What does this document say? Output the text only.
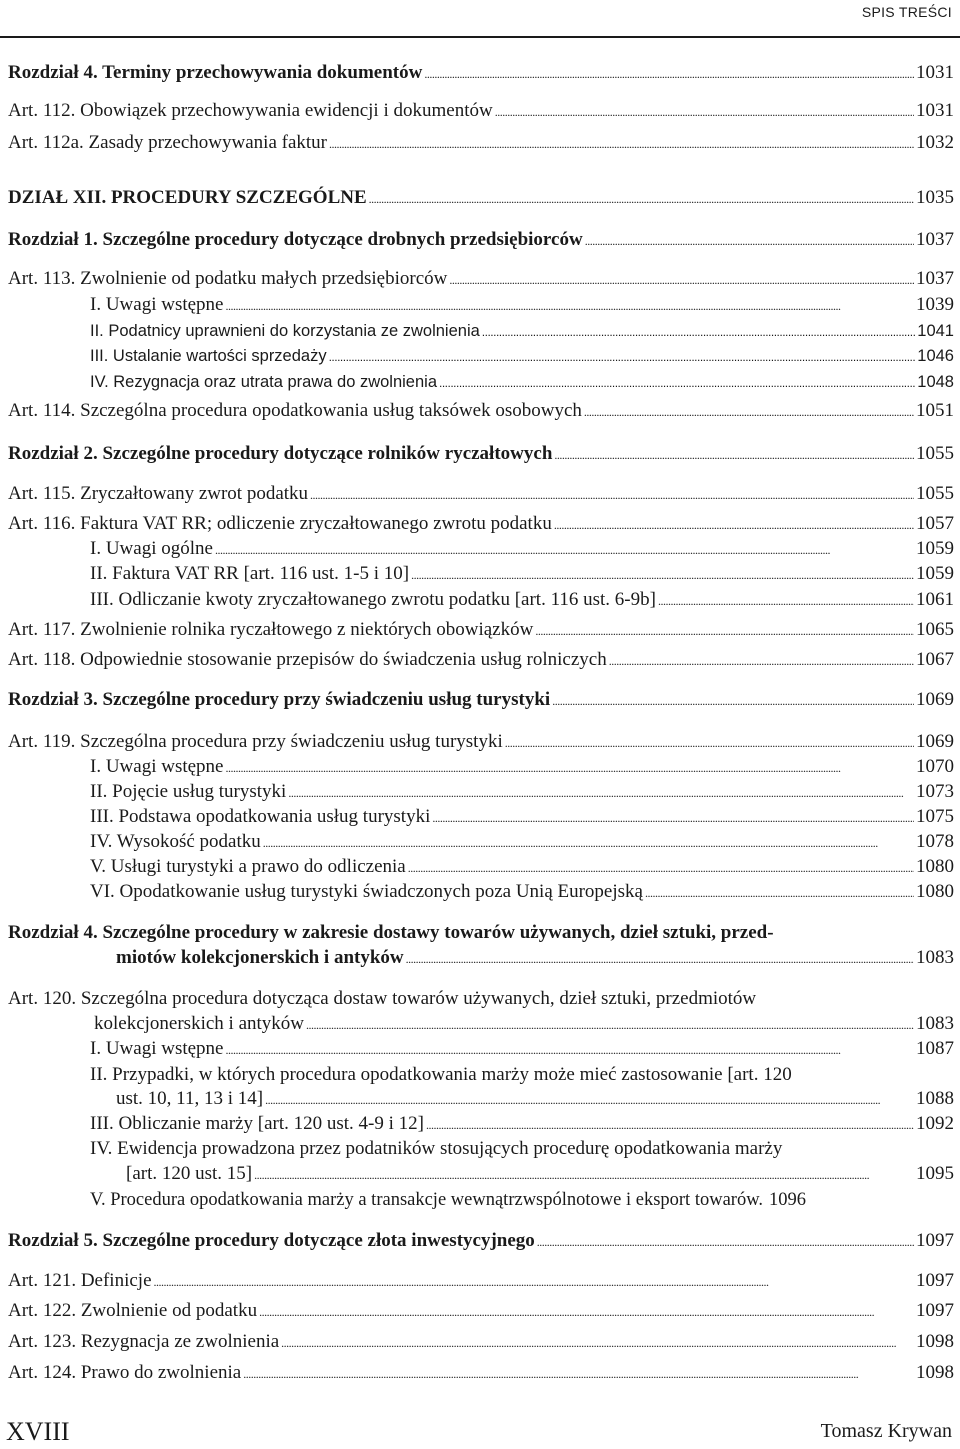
SPIS TREŚCI
Rozdział 4. Terminy przechowywania dokumentów .....	1031
Art. 112. Obowiązek przechowywania ewidencji i dokumentów .....	1031
Art. 112a. Zasady przechowywania faktur .....	1032
DZIAŁ XII. PROCEDURY SZCZEGÓLNE .....	1035
Rozdział 1. Szczególne procedury dotyczące drobnych przedsiębiorców .....	1037
Art. 113. Zwolnienie od podatku małych przedsiębiorców .....	1037
I. Uwagi wstępne .....	1039
II. Podatnicy uprawnieni do korzystania ze zwolnienia .....	1041
III. Ustalanie wartości sprzedaży .....	1046
IV. Rezygnacja oraz utrata prawa do zwolnienia .....	1048
Art. 114. Szczególna procedura opodatkowania usług taksówek osobowych .....	1051
Rozdział 2. Szczególne procedury dotyczące rolników ryczałtowych .....	1055
Art. 115. Zryczałtowany zwrot podatku .....	1055
Art. 116. Faktura VAT RR; odliczenie zryczałtowanego zwrotu podatku .....	1057
I. Uwagi ogólne .....	1059
II. Faktura VAT RR [art. 116 ust. 1-5 i 10] .....	1059
III. Odliczanie kwoty zryczałtowanego zwrotu podatku [art. 116 ust. 6-9b] .....	1061
Art. 117. Zwolnienie rolnika ryczałtowego z niektórych obowiązków .....	1065
Art. 118. Odpowiednie stosowanie przepisów do świadczenia usług rolniczych .....	1067
Rozdział 3. Szczególne procedury przy świadczeniu usług turystyki .....	1069
Art. 119. Szczególna procedura przy świadczeniu usług turystyki .....	1069
I. Uwagi wstępne .....	1070
II. Pojęcie usług turystyki .....	1073
III. Podstawa opodatkowania usług turystyki .....	1075
IV. Wysokość podatku .....	1078
V. Usługi turystyki a prawo do odliczenia .....	1080
VI. Opodatkowanie usług turystyki świadczonych poza Unią Europejską .....	1080
Rozdział 4. Szczególne procedury w zakresie dostawy towarów używanych, dzieł sztuki, przed-
miotów kolekcjonerskich i antyków .....	1083
Art. 120. Szczególna procedura dotycząca dostaw towarów używanych, dzieł sztuki, przedmiotów
kolekcjonerskich i antyków .....	1083
I. Uwagi wstępne .....	1087
II. Przypadki, w których procedura opodatkowania marży może mieć zastosowanie [art. 120
ust. 10, 11, 13 i 14] .....	1088
III. Obliczanie marży [art. 120 ust. 4-9 i 12] .....	1092
IV. Ewidencja prowadzona przez podatników stosujących procedurę opodatkowania marży
[art. 120 ust. 15] .....	1095
V. Procedura opodatkowania marży a transakcje wewnątrzwspólnotowe i eksport towarów. 1096
Rozdział 5. Szczególne procedury dotyczące złota inwestycyjnego .....	1097
Art. 121. Definicje .....	1097
Art. 122. Zwolnienie od podatku .....	1097
Art. 123. Rezygnacja ze zwolnienia .....	1098
Art. 124. Prawo do zwolnienia .....	1098
XVIII	Tomasz Krywan
